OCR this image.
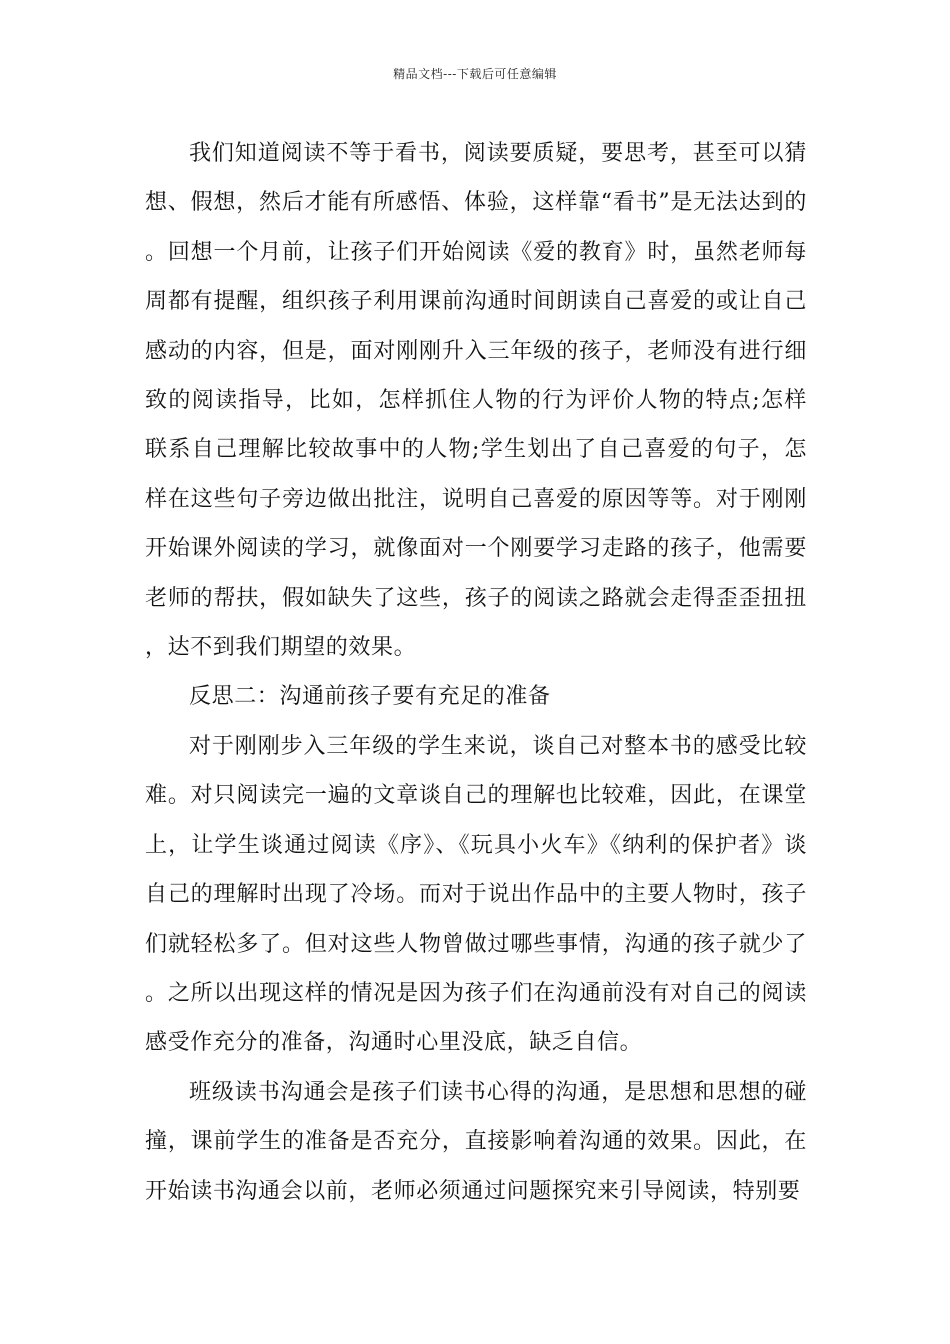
精品文档---下载后可任意编辑

我们知道阅读不等于看书，阅读要质疑，要思考，甚至可以猜想、假想，然后才能有所感悟、体验，这样靠“看书”是无法达到的。回想一个月前，让孩子们开始阅读《爱的教育》时，虽然老师每周都有提醒，组织孩子利用课前沟通时间朗读自己喜爱的或让自己感动的内容，但是，面对刚刚升入三年级的孩子，老师没有进行细致的阅读指导，比如，怎样抓住人物的行为评价人物的特点;怎样联系自己理解比较故事中的人物;学生划出了自己喜爱的句子，怎样在这些句子旁边做出批注，说明自己喜爱的原因等等。对于刚刚开始课外阅读的学习，就像面对一个刚要学习走路的孩子，他需要老师的帮扶，假如缺失了这些，孩子的阅读之路就会走得歪歪扭扭，达不到我们期望的效果。

反思二：沟通前孩子要有充足的准备

对于刚刚步入三年级的学生来说，谈自己对整本书的感受比较难。对只阅读完一遍的文章谈自己的理解也比较难，因此，在课堂上，让学生谈通过阅读《序》、《玩具小火车》《纳利的保护者》谈自己的理解时出现了冷场。而对于说出作品中的主要人物时，孩子们就轻松多了。但对这些人物曾做过哪些事情，沟通的孩子就少了。之所以出现这样的情况是因为孩子们在沟通前没有对自己的阅读感受作充分的准备，沟通时心里没底，缺乏自信。

班级读书沟通会是孩子们读书心得的沟通，是思想和思想的碰撞，课前学生的准备是否充分，直接影响着沟通的效果。因此，在开始读书沟通会以前，老师必须通过问题探究来引导阅读，特别要
